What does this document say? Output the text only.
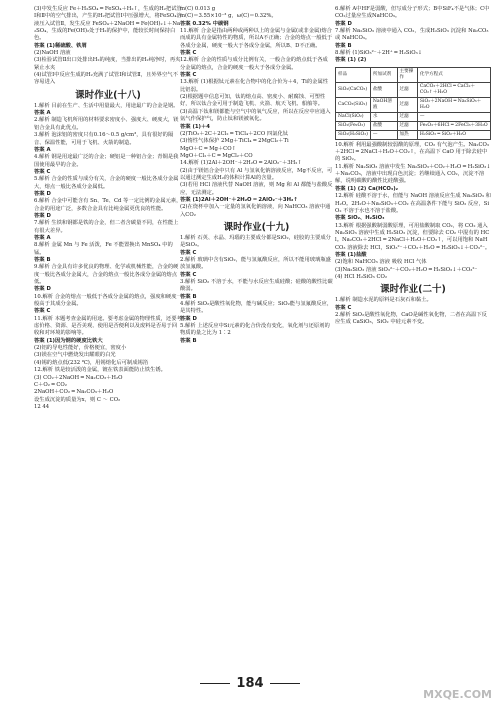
(3)中发生反应 Fe＋H₂SO₄ ═ FeSO₄＋H₂↑，生成的H₂把试管Ⅰ和Ⅱ中的空气排出，产生的H₂把试管Ⅰ中压强增大，将FeSO₄溶液压入试管Ⅱ，发生反应 FeSO₄＋2NaOH ═ Fe(OH)₂↓＋Na₂SO₄，生成的Fe(OH)₂处于H₂的保护中，能较长时间保持白色。

答案 (1)稀硫酸、铁屑

(2)NaOH 溶液

(3)检验试管Ⅱ出口处排出H₂的纯度，当排出的H₂纯净时，再夹紧止水夹

(4)试管Ⅰ中反应生成的H₂充满了试管Ⅰ和试管Ⅱ，且外界空气不容易进入

课时作业(十八)

1.解析 目前在生产、生活中用量最大，用途最广的合金是钢。

答案 A

2.解析 制造飞机所用的材料要求密度小、强度大、硬度大，镁铝合金具有此优点。

3.解析 泡沫铝的密度只有0.16～0.5 g/cm³，具有很好的隔音、保温性能，可用于飞机、火箭的制造。

答案 A

4.解析 钢是用途最广泛的合金；硬铝是一种铝合金；青铜是我国使用最早的合金。

答案 C

5.解析 合金的性质与成分有关，合金的硬度一般比各成分金属大，熔点一般比各成分金属低。

答案 D

6.解析 合金中可能含有 Sn、Te、Cd 等一定比例的金属元素，合金的用途广泛，多数合金具有比纯金属更优良的性能。

答案 D

7.解析 生铁和钢都是铁的合金，但二者含碳量不同，在性能上有很大差异。

答案 A

8.解析 金属 Mn 与 Fe 活泼，Fe 不能置换出 MnSO₄ 中的锰。

答案 B

9.解析 合金具有许多优良的物理、化学或机械性能，合金的硬度一般比各成分金属大，合金的熔点一般比各成分金属的熔点低。

答案 D

10.解析 合金的熔点一般低于各成分金属的熔点，强度和硬度一般高于其成分金属。

答案 C

11.解析 本题考查金属的用途。要考虑金属的物理性质，还要考虑价格、资源、是否美观、使用是否便利以及废料是否易于回收和对环境的影响等。

答案 (1)因为钢的硬度比铁大

(2)铝的导电性能好，价格便宜，密度小

(3)镁在空气中燃烧发出耀眼的白光

(4)锡的熔点低(232 ℃)，用锡熔化后可制成锡箔

12.解析 铁是较活泼的金属，镀在铁表面能防止铁生锈。

(3) CO₂＋2NaOH ═ Na₂CO₃＋H₂O

C＋O₂ ═ CO₂

2NaOH＋CO₂ ═ Na₂CO₃＋H₂O

设生成沉淀的质量为x，则 C ～ CO₂

12 44

m(C) 0.013 g

m(C)＝3.55×10⁻³ g，ω(C)＝0.32%。

答案 0.32% 中碳钢

11.解析 合金是指由两种或两种以上的金属与金属(或非金属)熔合而成的具有金属特性的物质，所以A不正确；合金的熔点一般低于各成分金属，硬度一般大于各成分金属，所以B、D不正确。

答案 C

12.解析 合金的性质与成分比例有关，一般合金的熔点低于各成分金属的熔点，合金的硬度一般大于各成分金属。

答案 C

13.解析 (1)根据钛元素在化合物中的化合价为＋4，Ti的金属性比铝弱。

(2)根据题中信息可知，钛的熔点高、密度小、耐腐蚀、可塑性好，所以钛合金可用于制造飞机、火箭、航天飞机、船舶等。

(3)高温下钛和镁都能与空气中的氧气反应，所以在反应中应通入氩气作保护气，防止钛和镁被氧化。

答案 (1)＋4

(2)TiO₂＋2C＋2Cl₂ ═ TiCl₄＋2CO 四氯化钛

(3)惰性气体保护 2Mg＋TiCl₄ ═ 2MgCl₂＋Ti

MgO＋C ═ Mg＋CO↑

MgO＋Cl₂＋C ═ MgCl₂＋CO

14.解析 (1)2Al＋2OH⁻＋2H₂O ═ 2AlO₂⁻＋3H₂↑

(2)由于镁铝合金中只有 Al 与氢氧化钠溶液反应，Mg不反应，可以通过测定生成H₂的体积计算Al的含量。

(3)若用 HCl 溶液代替 NaOH 溶液，则 Mg 和 Al 都能与盐酸反应，无法测定。

答案 (1)2Al＋2OH⁻＋2H₂O ═ 2AlO₂⁻＋3H₂↑

(2)在烧杯中加入一定量的氢氧化钠溶液，向 NaHCO₃ 溶液中通入CO₂

课时作业(十九)

1.解析 石英、水晶、玛瑙的主要成分都是SiO₂，硅胶的主要成分是SiO₂。

答案 C

2.解析 玻璃中含有SiO₂，能与氢氟酸反应，所以不能用玻璃瓶盛放氢氟酸。

答案 C

3.解析 SiO₂ 不溶于水，不能与水反应生成硅酸；硅酸的酸性比碳酸弱。

答案 B

4.解析 SiO₂是酸性氧化物，能与碱反应；SiO₂能与氢氟酸反应，是其特性。

答案 D

5.解析 上述反应中Si元素的化合价没有变化，氧化剂与还原剂的物质的量之比为 1∶2

答案 B

6.解析 A中HF是弱酸，但写成分子形式；B中SiF₄不是气体；C中CO₂过量应生成NaHCO₃。

答案 D

7.解析 Na₂SiO₃ 溶液中通入 CO₂，生成H₂SiO₃ 沉淀和 Na₂CO₃ 或 NaHCO₃。

答案 B

8.解析 (1)SiO₃²⁻＋2H⁺ ═ H₂SiO₃↓

答案 (1) (2)

样品	所加试剂	主要操作	化学方程式
SiO₂(CaCO₃)	盐酸	过滤	CaCO₃＋2HCl ═ CaCl₂＋CO₂↑＋H₂O
CaCO₃(SiO₂)	NaOH溶液	过滤	SiO₂＋2NaOH ═ Na₂SiO₃＋H₂O
NaCl(SiO₂)	水	过滤	—
SiO₂(Fe₂O₃)	盐酸	过滤	Fe₂O₃＋6HCl ═ 2FeCl₃＋3H₂O
SiO₂(H₂SiO₃)	—	加热	H₂SiO₃ ═ SiO₂＋H₂O

10.解析 利用最强酸制较弱酸的原理，CO₂ 有气泡产生。Na₂CO₃＋2HCl ═ 2NaCl＋H₂O＋CO₂↑，在高温下 CaO 用于除去硅中的 SiO₂。

11.解析 Na₂SiO₃ 溶液中发生 Na₂SiO₃＋CO₂＋H₂O ═ H₂SiO₃↓＋Na₂CO₃，溶液中出现白色沉淀；若继续通入 CO₂，沉淀不溶解，说明碳酸的酸性比硅酸强。

答案 (1) (2) Ca(HCO₃)₂

12.解析 硅酸不溶于水，但能与 NaOH 溶液反应生成 Na₂SiO₃ 和 H₂O。2H₂O＋Na₂SiO₃＋CO₂ 在高温条件下能与 SiO₂ 反应，SiO₂ 不溶于水也不溶于盐酸。

答案 SiO₂、H₂SiO₃

13.解析 根据强酸制弱酸原理，可用盐酸制取 CO₂，将 CO₂ 通入 Na₂SiO₃ 溶液中生成 H₂SiO₃ 沉淀，但要除去 CO₂ 中混有的 HCl。Na₂CO₃＋2HCl ═ 2NaCl＋H₂O＋CO₂↑，可以用饱和 NaHCO₃ 溶液除去 HCl，SiO₃²⁻＋CO₂＋H₂O ═ H₂SiO₃↓＋CO₃²⁻。

答案 (1)盐酸

(2)饱和 NaHCO₃ 溶液 吸收 HCl 气体

(3)Na₂SiO₃ 溶液 SiO₃²⁻＋CO₂＋H₂O ═ H₂SiO₃↓＋CO₃²⁻

(4) HCl H₂SiO₃ CO₂

课时作业(二十)

1.解析 制造水泥的原料是石灰石和黏土。

答案 C

2.解析 SiO₂是酸性氧化物，CaO是碱性氧化物，二者在高温下反应生成 CaSiO₃，SiO₂ 中硅元素不变。

184
MXQE.COM
